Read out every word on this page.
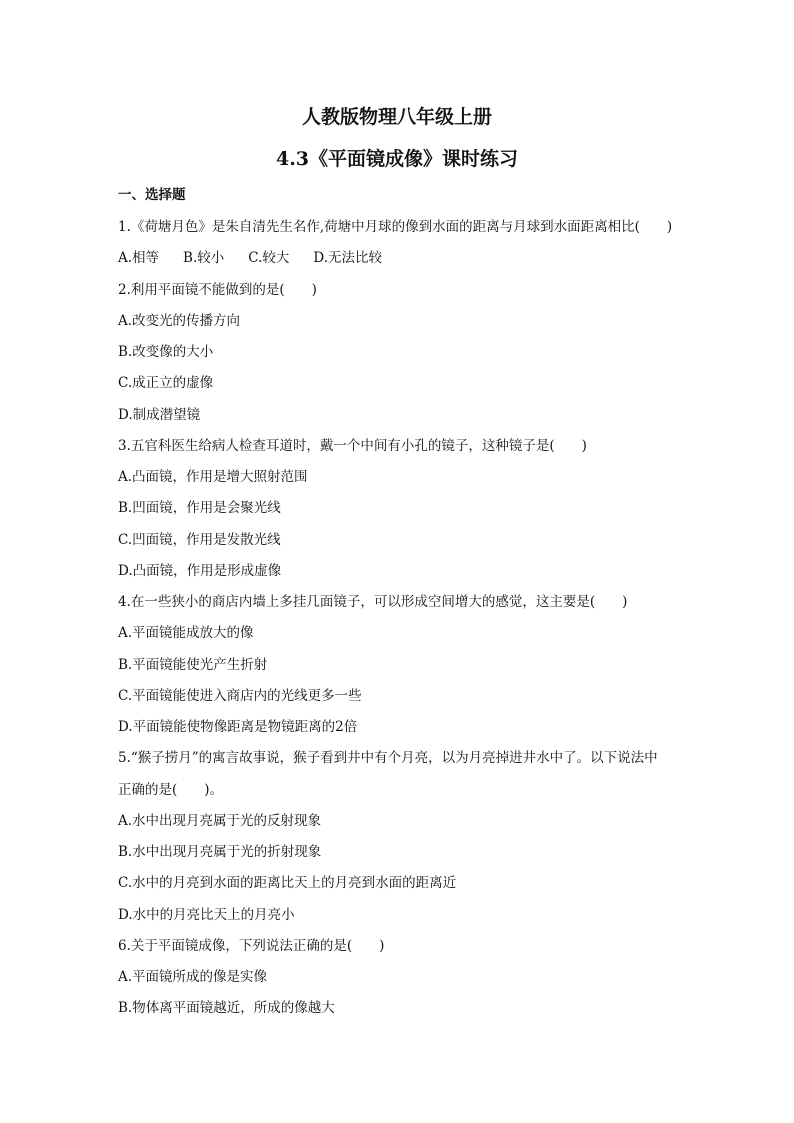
人教版物理八年级上册
4.3《平面镜成像》课时练习
一、选择题
1.《荷塘月色》是朱自清先生名作,荷塘中月球的像到水面的距离与月球到水面距离相比(　　)
A.相等 B.较小 C.较大 D.无法比较
2.利用平面镜不能做到的是(　　)
A.改变光的传播方向
B.改变像的大小
C.成正立的虚像
D.制成潜望镜
3.五官科医生给病人检查耳道时，戴一个中间有小孔的镜子，这种镜子是(　　)
A.凸面镜，作用是增大照射范围
B.凹面镜，作用是会聚光线
C.凹面镜，作用是发散光线
D.凸面镜，作用是形成虚像
4.在一些狭小的商店内墙上多挂几面镜子，可以形成空间增大的感觉，这主要是(　　)
A.平面镜能成放大的像
B.平面镜能使光产生折射
C.平面镜能使进入商店内的光线更多一些
D.平面镜能使物像距离是物镜距离的2倍
5.“猴子捞月”的寓言故事说，猴子看到井中有个月亮，以为月亮掉进井水中了。以下说法中
正确的是(　　)。
A.水中出现月亮属于光的反射现象
B.水中出现月亮属于光的折射现象
C.水中的月亮到水面的距离比天上的月亮到水面的距离近
D.水中的月亮比天上的月亮小
6.关于平面镜成像，下列说法正确的是(　　)
A.平面镜所成的像是实像
B.物体离平面镜越近，所成的像越大
